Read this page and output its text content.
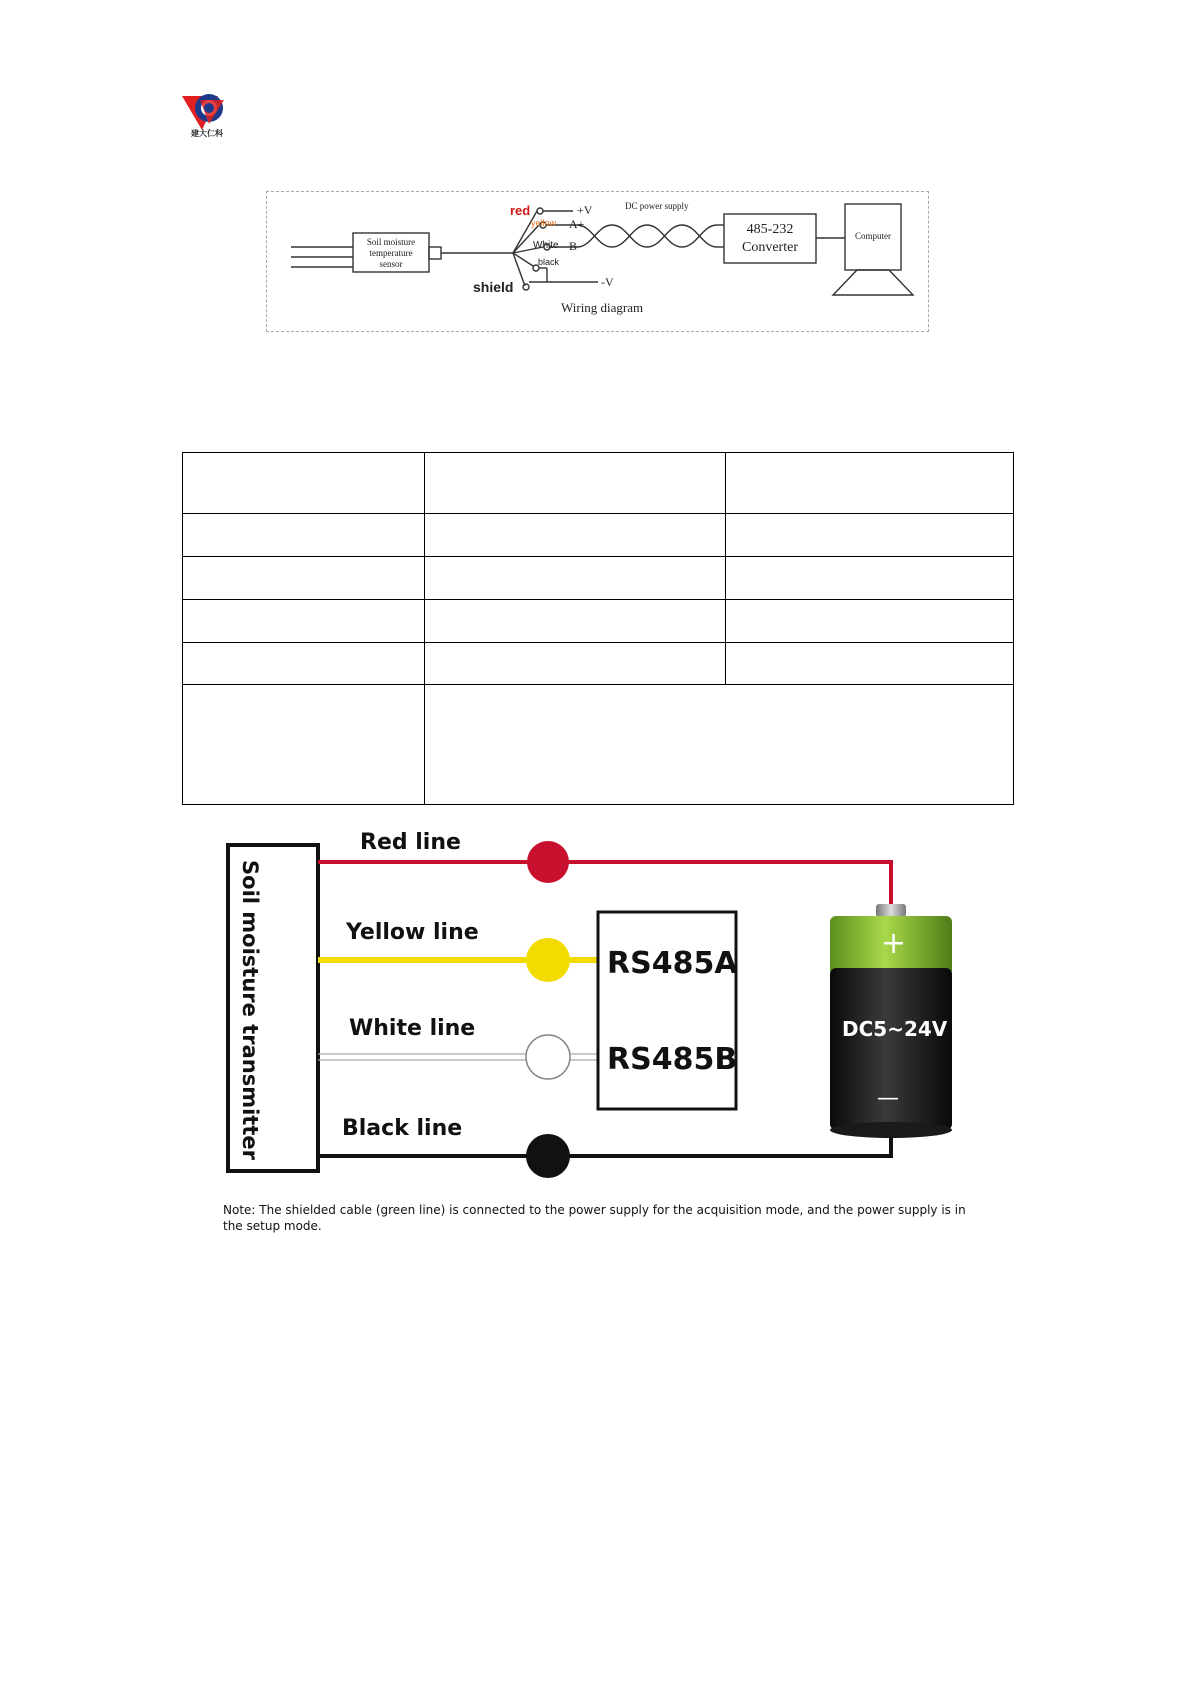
建大仁科
Soil moisture
temperature
sensor
red
yellow
White
black
shield
+V
A+
B-
-V
DC power supply
485-232
Converter
Computer
Wiring diagram

Soil moisture transmitter
Red line
Yellow line
White line
Black line
RS485A
RS485B
+
DC5~24V
—
Note: The shielded cable (green line) is connected to the power supply for the acquisition mode, and the power supply is in the setup mode.
